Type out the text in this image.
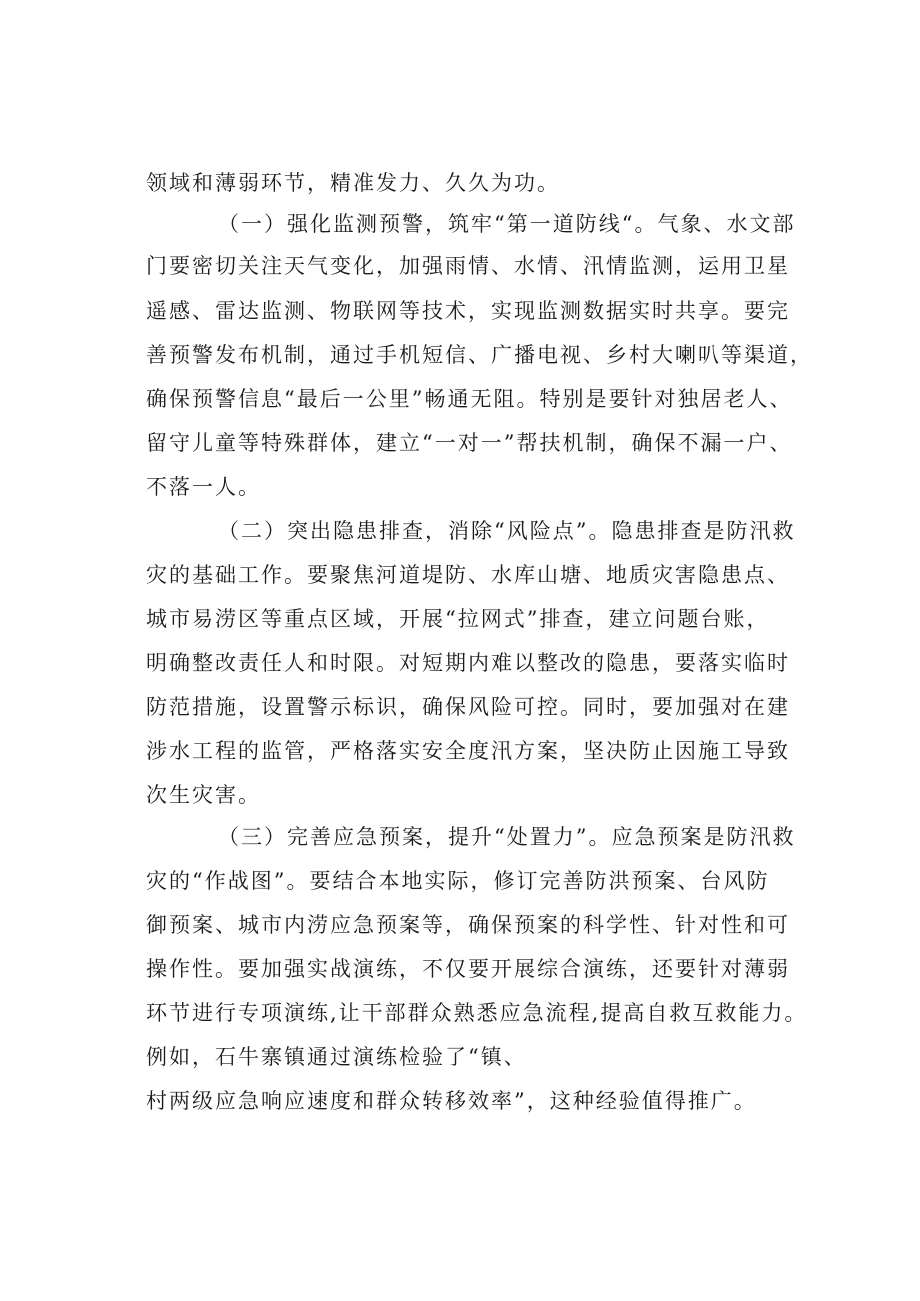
领域和薄弱环节，精准发力、久久为功。
（一）强化监测预警，筑牢“第一道防线“。气象、水文部
门要密切关注天气变化，加强雨情、水情、汛情监测，运用卫星
遥感、雷达监测、物联网等技术，实现监测数据实时共享。要完
善预警发布机制，通过手机短信、广播电视、乡村大喇叭等渠道，
确保预警信息“最后一公里”畅通无阻。特别是要针对独居老人、
留守儿童等特殊群体，建立“一对一”帮扶机制，确保不漏一户、
不落一人。
（二）突出隐患排查，消除“风险点”。隐患排查是防汛救
灾的基础工作。要聚焦河道堤防、水库山塘、地质灾害隐患点、
城市易涝区等重点区域，开展“拉网式”排查，建立问题台账，
明确整改责任人和时限。对短期内难以整改的隐患，要落实临时
防范措施，设置警示标识，确保风险可控。同时，要加强对在建
涉水工程的监管，严格落实安全度汛方案，坚决防止因施工导致
次生灾害。
（三）完善应急预案，提升“处置力”。应急预案是防汛救
灾的“作战图”。要结合本地实际，修订完善防洪预案、台风防
御预案、城市内涝应急预案等，确保预案的科学性、针对性和可
操作性。要加强实战演练，不仅要开展综合演练，还要针对薄弱
环节进行专项演练,让干部群众熟悉应急流程,提高自救互救能力。
例如，石牛寨镇通过演练检验了“镇、
村两级应急响应速度和群众转移效率”，这种经验值得推广。
